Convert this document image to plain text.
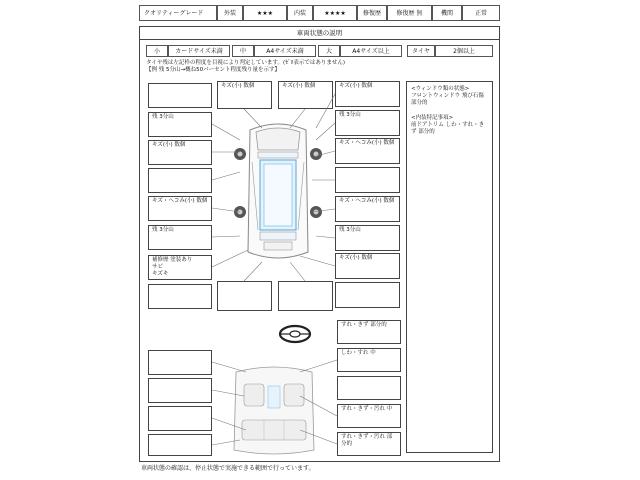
クオリティーグレード	外装	★★★	内装	★★★★	修復歴	修復歴 無	機関	正常
車両状態の説明
小	カードサイズ未満	中	A4サイズ未満	大	A4サイズ以上	タイヤ	2個以上
タイヤ残は左記枠の程度を目視により判定しています。(ｾﾞﾛ表示ではありません)
【例 残 5分山→概ね50パーセント程度残り量を示す】
残 3分山
キズ(小) 数個
キズ・ヘコみ(小) 数個
残 3分山
補修歴 塗装あり
サビ
キズキ
キズ(小) 数個	キズ(小) 数個	キズ(小) 数個
残 3分山
キズ・ヘコみ(小) 数個
キズ・ヘコみ(小) 数個
残 3分山
キズ(小) 数個
<ウィンドウ類の状態>
フロントウィンドウ 飛び石傷 部分的
<内装特記事項>
前ドアトリム しわ・すれ・きず 部分的
すれ・きず 部分的
しわ・すれ 中
すれ・きず・汚れ 中
すれ・きず・汚れ 部分的
車両状態の確認は、停止状態で実施できる範囲で行っています。
